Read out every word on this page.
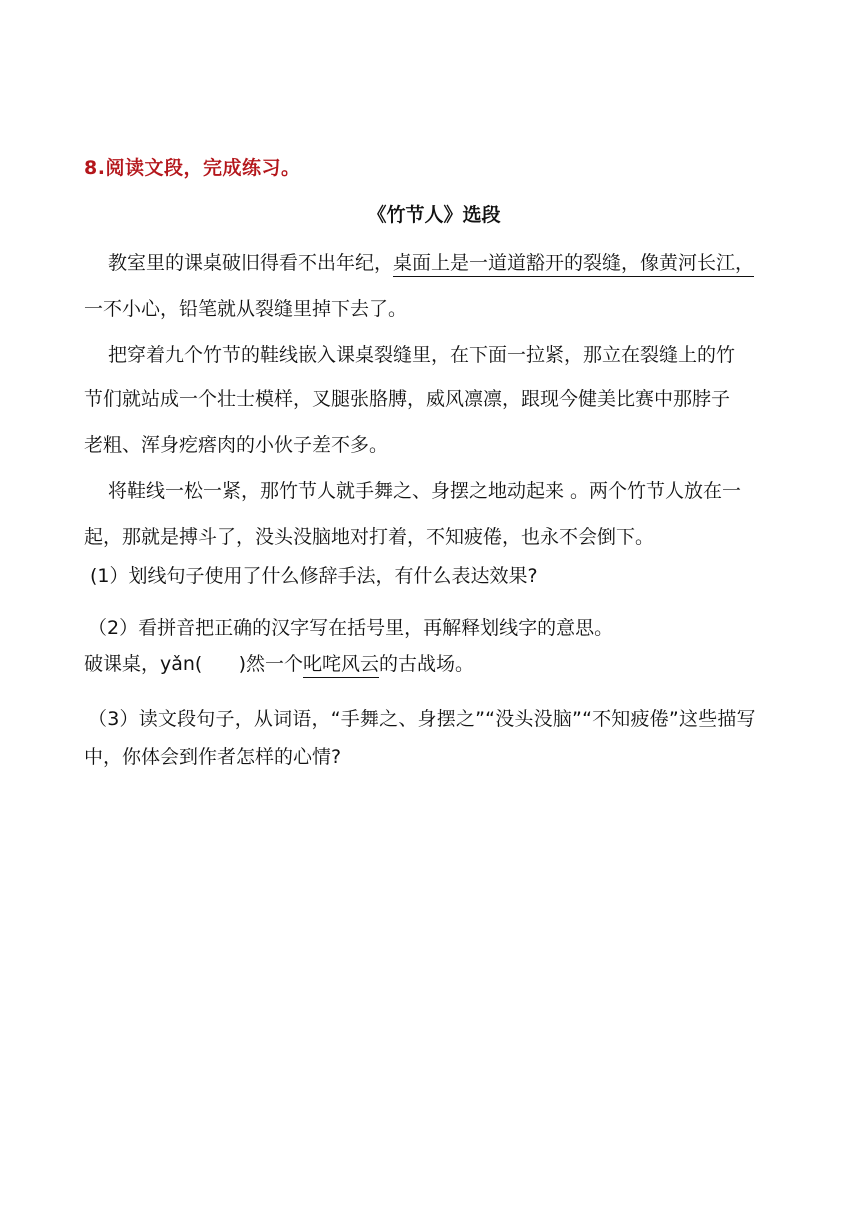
8.阅读文段，完成练习。
《竹节人》选段
教室里的课桌破旧得看不出年纪，桌面上是一道道豁开的裂缝，像黄河长江，
一不小心，铅笔就从裂缝里掉下去了。
把穿着九个竹节的鞋线嵌入课桌裂缝里，在下面一拉紧，那立在裂缝上的竹
节们就站成一个壮士模样，叉腿张胳膊，威风凛凛，跟现今健美比赛中那脖子
老粗、浑身疙瘩肉的小伙子差不多。
将鞋线一松一紧，那竹节人就手舞之、身摆之地动起来 。两个竹节人放在一
起，那就是搏斗了，没头没脑地对打着，不知疲倦，也永不会倒下。
(1）划线句子使用了什么修辞手法，有什么表达效果?
（2）看拼音把正确的汉字写在括号里，再解释划线字的意思。
破课桌，yǎn( )然一个叱咤风云的古战场。
（3）读文段句子，从词语，“手舞之、身摆之”“没头没脑”“不知疲倦”这些描写
中，你体会到作者怎样的心情?
